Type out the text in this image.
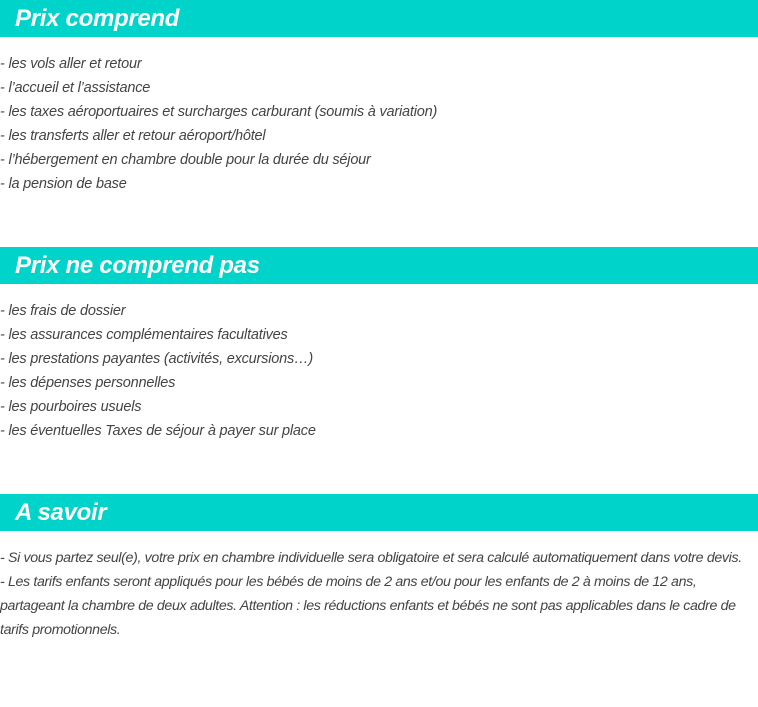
Prix comprend
- les vols aller et retour
- l’accueil et l’assistance
- les taxes aéroportuaires et surcharges carburant (soumis à variation)
- les transferts aller et retour aéroport/hôtel
- l’hébergement en chambre double pour la durée du séjour
- la pension de base
Prix ne comprend pas
- les frais de dossier
- les assurances complémentaires facultatives
- les prestations payantes (activités, excursions…)
- les dépenses personnelles
- les pourboires usuels
- les éventuelles Taxes de séjour à payer sur place
A savoir
- Si vous partez seul(e), votre prix en chambre individuelle sera obligatoire et sera calculé automatiquement dans votre devis.
- Les tarifs enfants seront appliqués pour les bébés de moins de 2 ans et/ou pour les enfants de 2 à moins de 12 ans, partageant la chambre de deux adultes. Attention : les réductions enfants et bébés ne sont pas applicables dans le cadre de tarifs promotionnels.
